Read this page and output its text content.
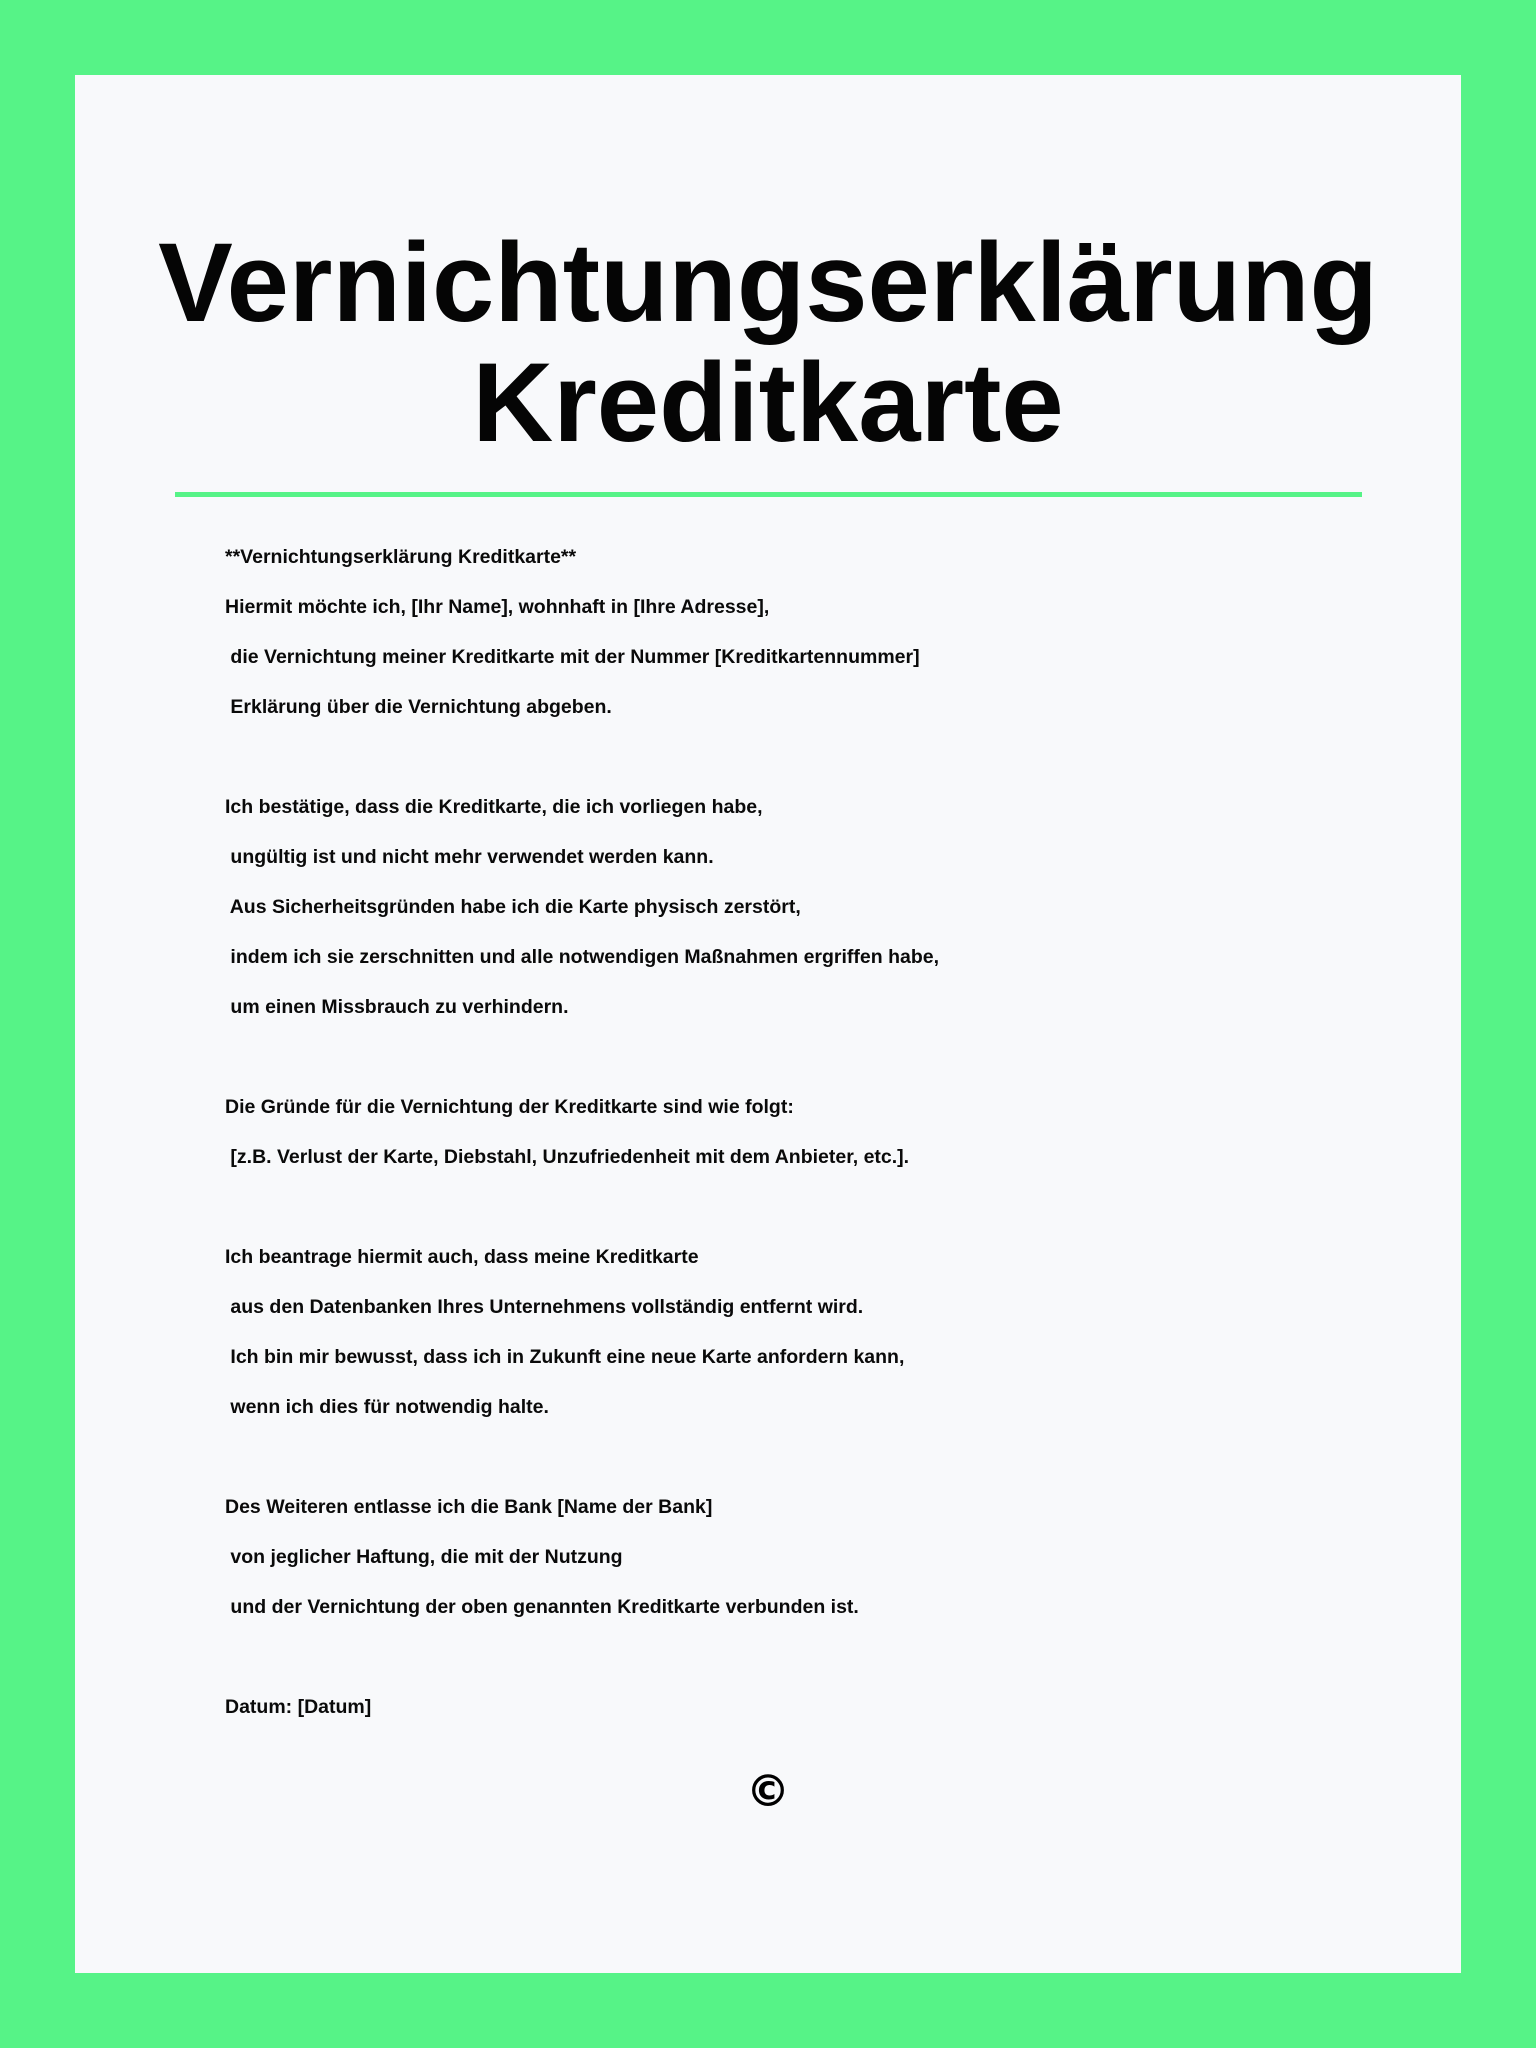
Vernichtungserklärung
Kreditkarte
**Vernichtungserklärung Kreditkarte**
Hiermit möchte ich, [Ihr Name], wohnhaft in [Ihre Adresse],
die Vernichtung meiner Kreditkarte mit der Nummer [Kreditkartennummer]
Erklärung über die Vernichtung abgeben.
Ich bestätige, dass die Kreditkarte, die ich vorliegen habe,
ungültig ist und nicht mehr verwendet werden kann.
Aus Sicherheitsgründen habe ich die Karte physisch zerstört,
indem ich sie zerschnitten und alle notwendigen Maßnahmen ergriffen habe,
um einen Missbrauch zu verhindern.
Die Gründe für die Vernichtung der Kreditkarte sind wie folgt:
[z.B. Verlust der Karte, Diebstahl, Unzufriedenheit mit dem Anbieter, etc.].
Ich beantrage hiermit auch, dass meine Kreditkarte
aus den Datenbanken Ihres Unternehmens vollständig entfernt wird.
Ich bin mir bewusst, dass ich in Zukunft eine neue Karte anfordern kann,
wenn ich dies für notwendig halte.
Des Weiteren entlasse ich die Bank [Name der Bank]
von jeglicher Haftung, die mit der Nutzung
und der Vernichtung der oben genannten Kreditkarte verbunden ist.
Datum: [Datum]
©
